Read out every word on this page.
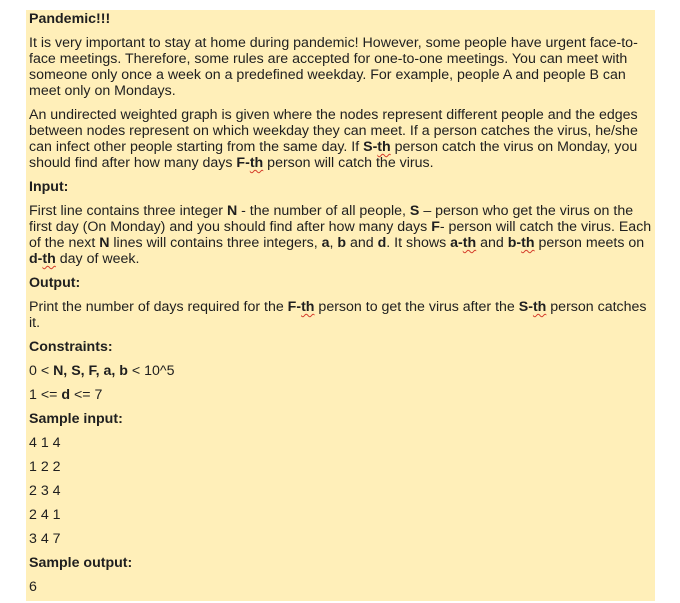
Pandemic!!!
It is very important to stay at home during pandemic! However, some people have urgent face-to-face meetings. Therefore, some rules are accepted for one-to-one meetings. You can meet with someone only once a week on a predefined weekday. For example, people A and people B can meet only on Mondays.
An undirected weighted graph is given where the nodes represent different people and the edges between nodes represent on which weekday they can meet. If a person catches the virus, he/she can infect other people starting from the same day. If S-th person catch the virus on Monday, you should find after how many days F-th person will catch the virus.
Input:
First line contains three integer N - the number of all people, S – person who get the virus on the first day (On Monday) and you should find after how many days F- person will catch the virus. Each of the next N lines will contains three integers, a, b and d. It shows a-th and b-th person meets on d-th day of week.
Output:
Print the number of days required for the F-th person to get the virus after the S-th person catches it.
Constraints:
0 < N, S, F, a, b < 10^5
1 <= d <= 7
Sample input:
4 1 4
1 2 2
2 3 4
2 4 1
3 4 7
Sample output:
6
